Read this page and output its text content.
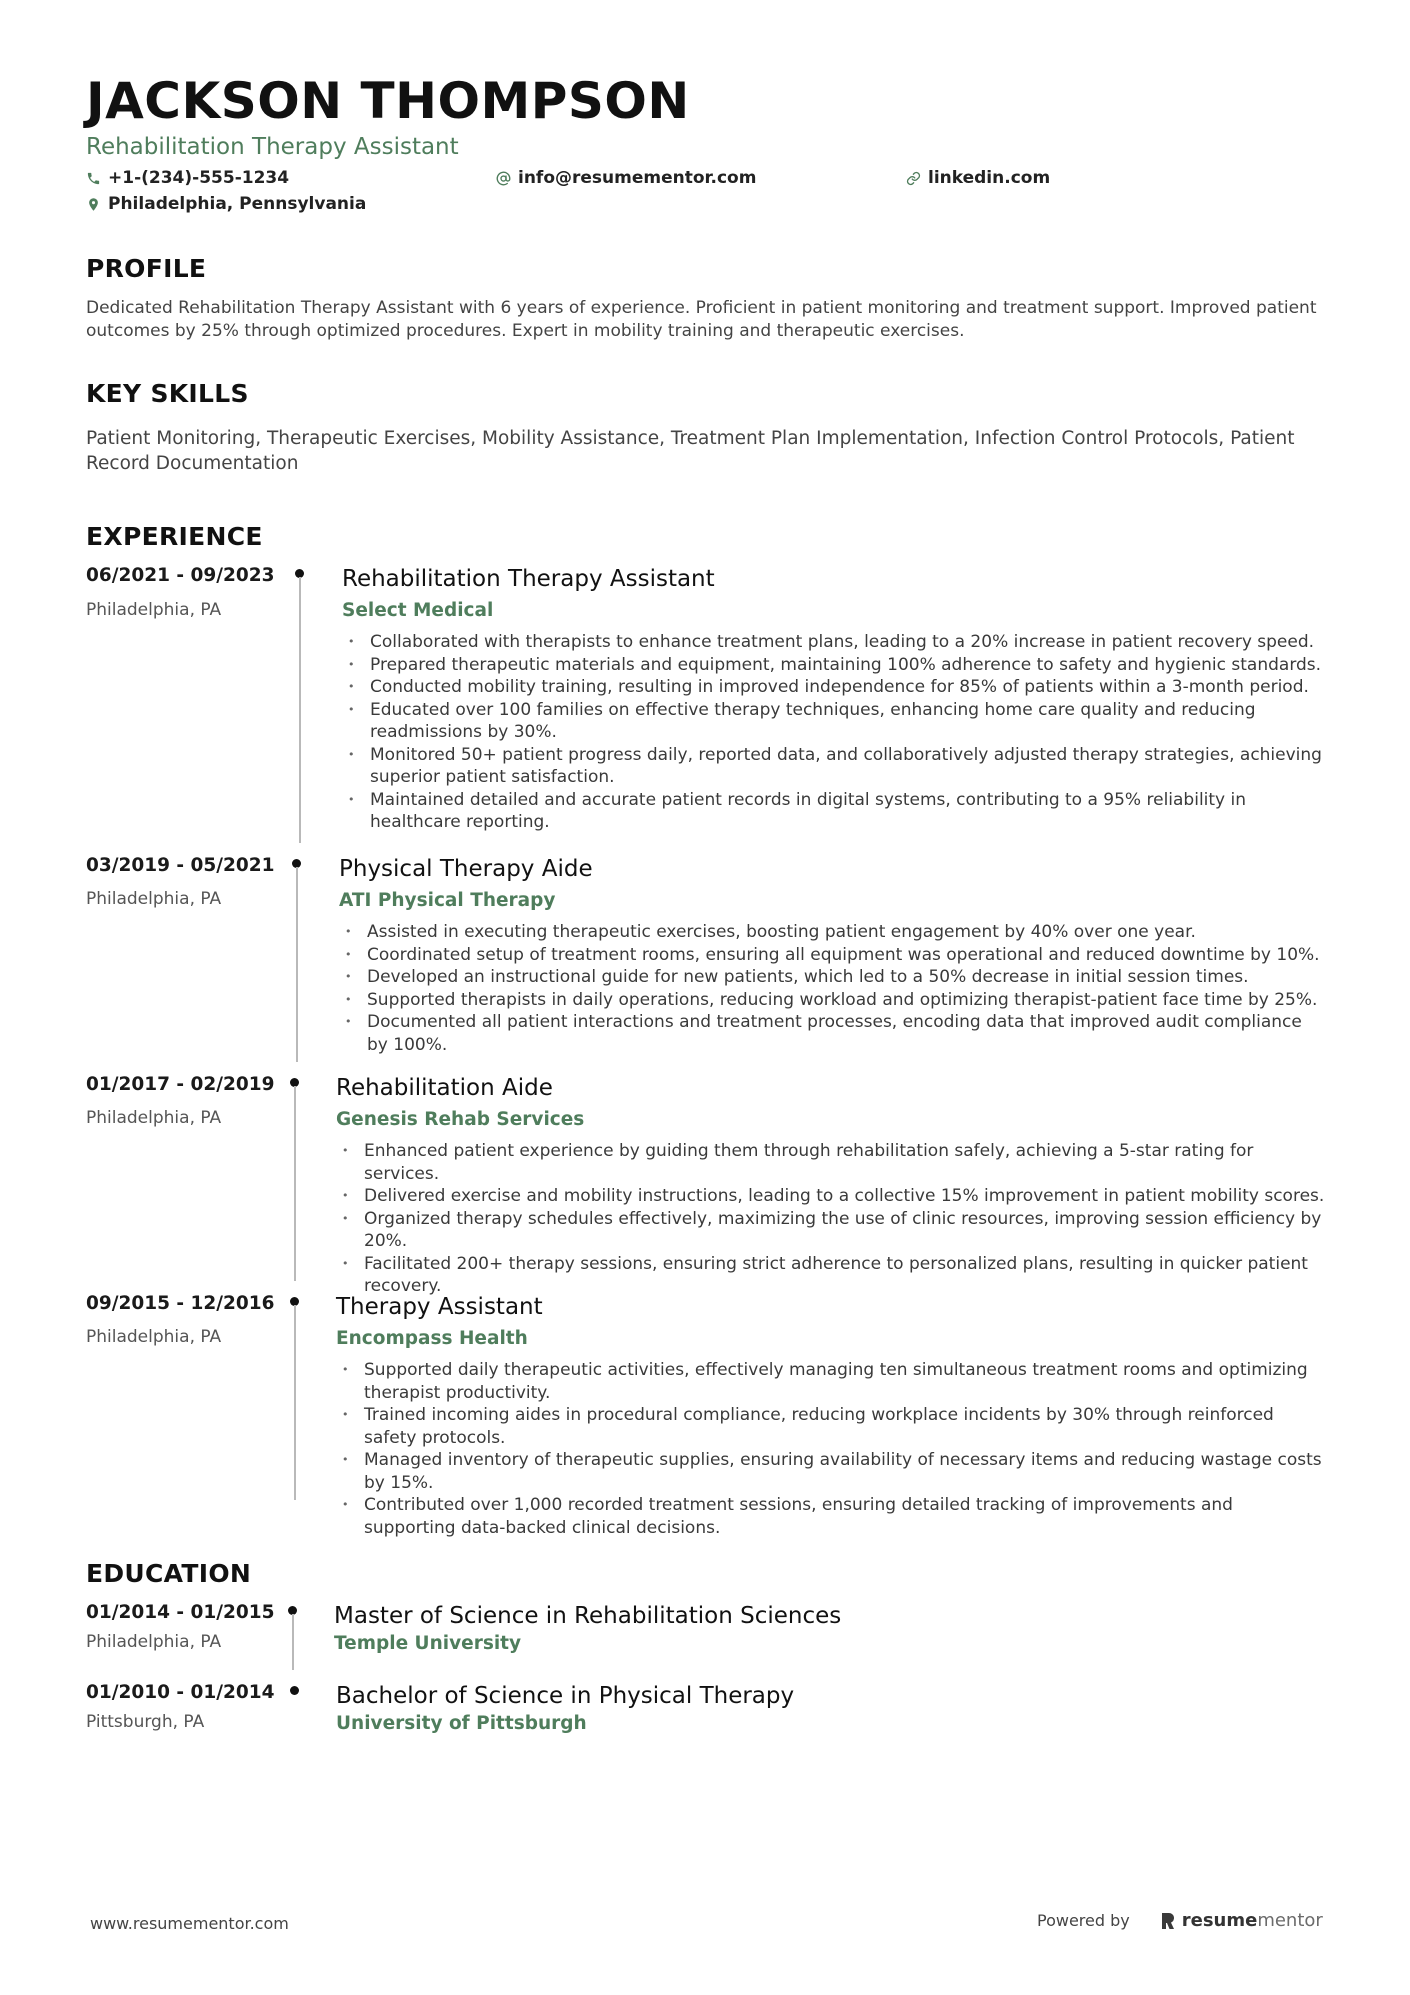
JACKSON THOMPSON
Rehabilitation Therapy Assistant
+1-(234)-555-1234	info@resumementor.com	linkedin.com
Philadelphia, Pennsylvania
PROFILE
Dedicated Rehabilitation Therapy Assistant with 6 years of experience. Proficient in patient monitoring and treatment support. Improved patient outcomes by 25% through optimized procedures. Expert in mobility training and therapeutic exercises.
KEY SKILLS
Patient Monitoring, Therapeutic Exercises, Mobility Assistance, Treatment Plan Implementation, Infection Control Protocols, Patient Record Documentation
EXPERIENCE
06/2021 - 09/2023
Philadelphia, PA
Rehabilitation Therapy Assistant
Select Medical
• Collaborated with therapists to enhance treatment plans, leading to a 20% increase in patient recovery speed.
• Prepared therapeutic materials and equipment, maintaining 100% adherence to safety and hygienic standards.
• Conducted mobility training, resulting in improved independence for 85% of patients within a 3-month period.
• Educated over 100 families on effective therapy techniques, enhancing home care quality and reducing readmissions by 30%.
• Monitored 50+ patient progress daily, reported data, and collaboratively adjusted therapy strategies, achieving superior patient satisfaction.
• Maintained detailed and accurate patient records in digital systems, contributing to a 95% reliability in healthcare reporting.
03/2019 - 05/2021
Philadelphia, PA
Physical Therapy Aide
ATI Physical Therapy
• Assisted in executing therapeutic exercises, boosting patient engagement by 40% over one year.
• Coordinated setup of treatment rooms, ensuring all equipment was operational and reduced downtime by 10%.
• Developed an instructional guide for new patients, which led to a 50% decrease in initial session times.
• Supported therapists in daily operations, reducing workload and optimizing therapist-patient face time by 25%.
• Documented all patient interactions and treatment processes, encoding data that improved audit compliance by 100%.
01/2017 - 02/2019
Philadelphia, PA
Rehabilitation Aide
Genesis Rehab Services
• Enhanced patient experience by guiding them through rehabilitation safely, achieving a 5-star rating for services.
• Delivered exercise and mobility instructions, leading to a collective 15% improvement in patient mobility scores.
• Organized therapy schedules effectively, maximizing the use of clinic resources, improving session efficiency by 20%.
• Facilitated 200+ therapy sessions, ensuring strict adherence to personalized plans, resulting in quicker patient recovery.
09/2015 - 12/2016
Philadelphia, PA
Therapy Assistant
Encompass Health
• Supported daily therapeutic activities, effectively managing ten simultaneous treatment rooms and optimizing therapist productivity.
• Trained incoming aides in procedural compliance, reducing workplace incidents by 30% through reinforced safety protocols.
• Managed inventory of therapeutic supplies, ensuring availability of necessary items and reducing wastage costs by 15%.
• Contributed over 1,000 recorded treatment sessions, ensuring detailed tracking of improvements and supporting data-backed clinical decisions.
EDUCATION
01/2014 - 01/2015
Philadelphia, PA
Master of Science in Rehabilitation Sciences
Temple University
01/2010 - 01/2014
Pittsburgh, PA
Bachelor of Science in Physical Therapy
University of Pittsburgh
www.resumementor.com	Powered by	resume mentor
